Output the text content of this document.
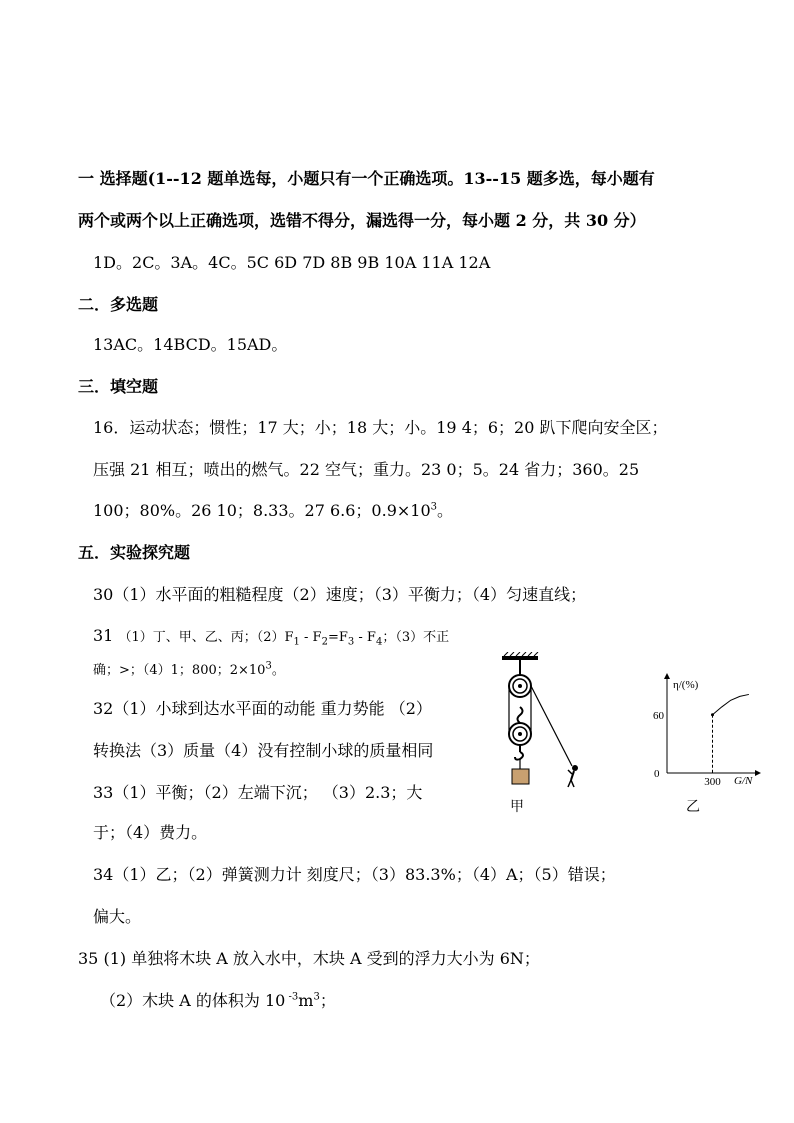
一 选择题(1--12 题单选每，小题只有一个正确选项。13--15 题多选，每小题有
两个或两个以上正确选项，选错不得分，漏选得一分，每小题 2 分，共 30 分）
1D。2C。3A。4C。5C 6D 7D 8B 9B 10A 11A 12A
二．多选题
13AC。14BCD。15AD。
三．填空题
16．运动状态；惯性；17 大；小；18 大；小。19 4；6；20 趴下爬向安全区；
压强 21 相互；喷出的燃气。22 空气；重力。23 0；5。24 省力；360。25
100；80%。26 10；8.33。27 6.6；$0.9\times 10^3$。
五．实验探究题
30（1）水平面的粗糙程度（2）速度；（3）平衡力；（4）匀速直线；
31 （1）丁、甲、乙、丙；$(2)F_1 - F_2=F_3 - F_4$；（3）不正
确；>；（4）1；800；$2\times 10^3$。
32（1）小球到达水平面的动能 重力势能 （2）
转换法（3）质量（4）没有控制小球的质量相同
33（1）平衡；（2）左端下沉； （3）2.3；大
于；（4）费力。
34（1）乙；（2）弹簧测力计 刻度尺；（3）83.3%；（4）A；（5）错误；
偏大。
35 (1) 单独将木块 A 放入水中，木块 A 受到的浮力大小为 6N；
（2）木块 A 的体积为 10 $^{-3}m^3$；
甲
η/(%)
G/N
0
300
60
乙
